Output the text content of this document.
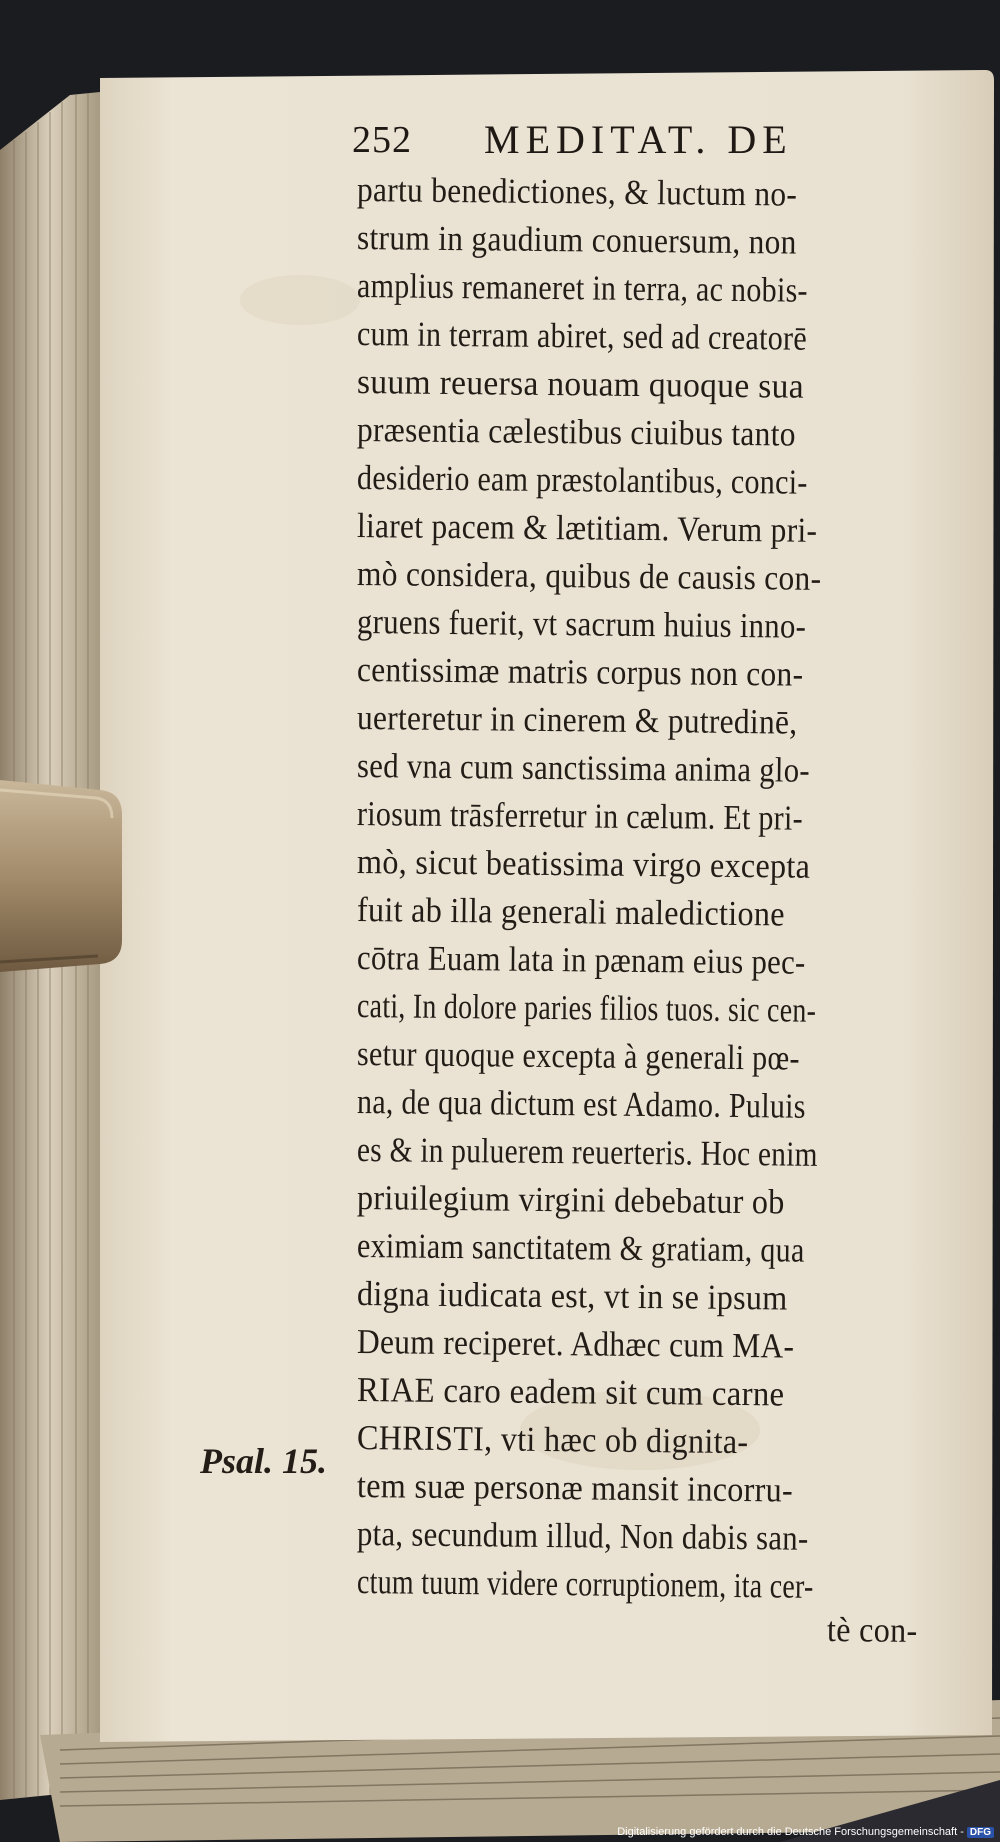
252 MEDITAT. DE
partu benedictiones, & luctum no-
strum in gaudium conuersum, non
amplius remaneret in terra, ac nobis-
cum in terram abiret, sed ad creatorē
suum reuersa nouam quoque sua
præsentia cælestibus ciuibus tanto
desiderio eam præstolantibus, conci-
liaret pacem & lætitiam. Verum pri-
mò considera, quibus de causis con-
gruens fuerit, vt sacrum huius inno-
centissimæ matris corpus non con-
uerteretur in cinerem & putredinē,
sed vna cum sanctissima anima glo-
riosum trāsferretur in cælum. Et pri-
mò, sicut beatissima virgo excepta
fuit ab illa generali maledictione
cōtra Euam lata in pænam eius pec-
cati, In dolore paries filios tuos. sic cen-
setur quoque excepta à generali pœ-
na, de qua dictum est Adamo. Puluis
es & in puluerem reuerteris. Hoc enim
priuilegium virgini debebatur ob
eximiam sanctitatem & gratiam, qua
digna iudicata est, vt in se ipsum
Deum reciperet. Adhæc cum MA-
RIAE caro eadem sit cum carne
CHRISTI, vti hæc ob dignita-
tem suæ personæ mansit incorru-
pta, secundum illud, Non dabis san-
ctum tuum videre corruptionem, ita cer-
tè con-
Psal. 15.
Digitalisierung gefördert durch die Deutsche Forschungsgemeinschaft - DFG
